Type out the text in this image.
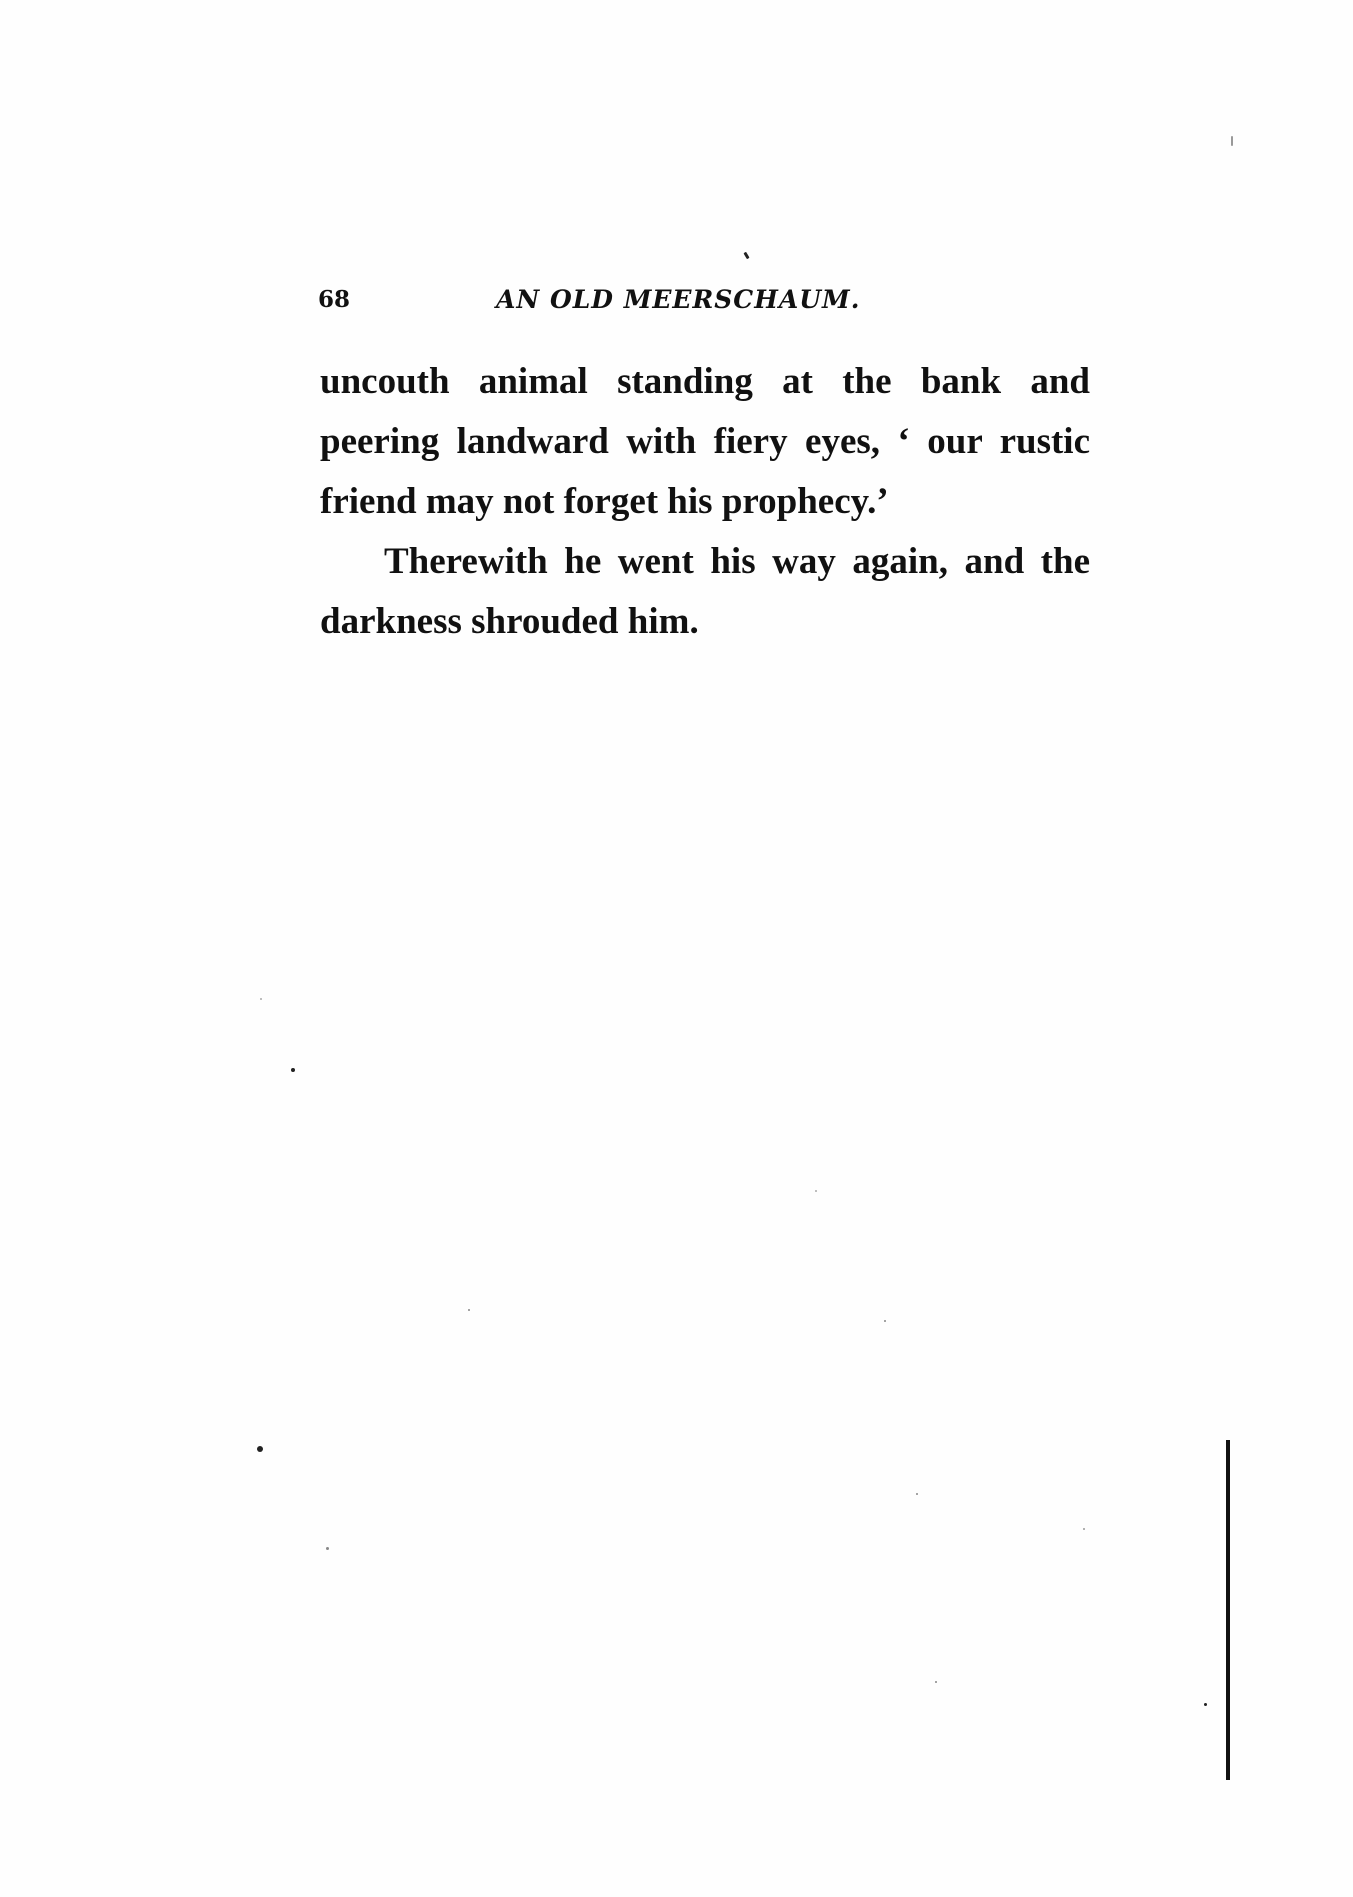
68	AN OLD MEERSCHAUM.
uncouth animal standing at the bank and
peering landward with fiery eyes, ‘ our rustic
friend may not forget his prophecy.’
Therewith he went his way again, and the
darkness shrouded him.
